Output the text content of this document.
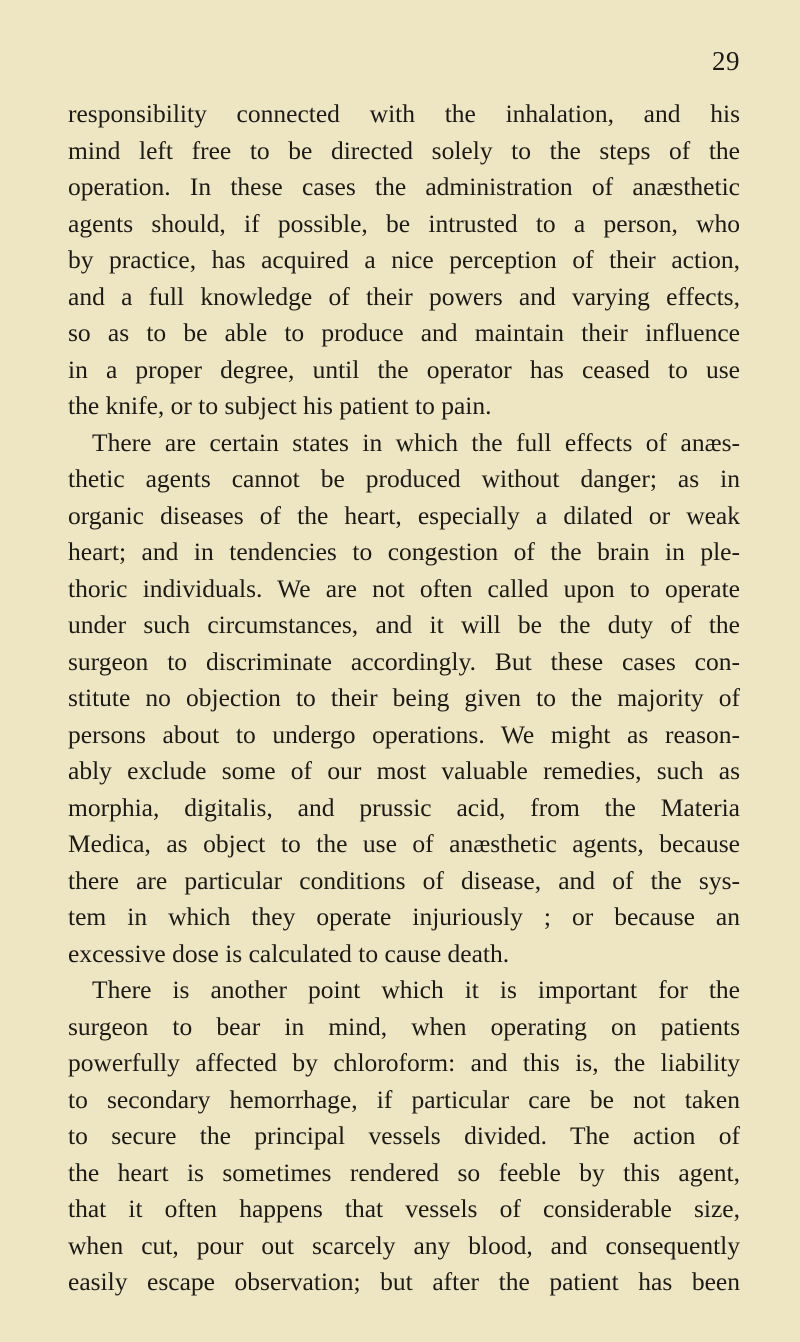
29
responsibility connected with the inhalation, and his
mind left free to be directed solely to the steps of the
operation. In these cases the administration of anæsthetic
agents should, if possible, be intrusted to a person, who
by practice, has acquired a nice perception of their action,
and a full knowledge of their powers and varying effects,
so as to be able to produce and maintain their influence
in a proper degree, until the operator has ceased to use
the knife, or to subject his patient to pain.
There are certain states in which the full effects of anæs-
thetic agents cannot be produced without danger; as in
organic diseases of the heart, especially a dilated or weak
heart; and in tendencies to congestion of the brain in ple-
thoric individuals. We are not often called upon to operate
under such circumstances, and it will be the duty of the
surgeon to discriminate accordingly. But these cases con-
stitute no objection to their being given to the majority of
persons about to undergo operations. We might as reason-
ably exclude some of our most valuable remedies, such as
morphia, digitalis, and prussic acid, from the Materia
Medica, as object to the use of anæsthetic agents, because
there are particular conditions of disease, and of the sys-
tem in which they operate injuriously ; or because an
excessive dose is calculated to cause death.
There is another point which it is important for the
surgeon to bear in mind, when operating on patients
powerfully affected by chloroform: and this is, the liability
to secondary hemorrhage, if particular care be not taken
to secure the principal vessels divided. The action of
the heart is sometimes rendered so feeble by this agent,
that it often happens that vessels of considerable size,
when cut, pour out scarcely any blood, and consequently
easily escape observation; but after the patient has been
